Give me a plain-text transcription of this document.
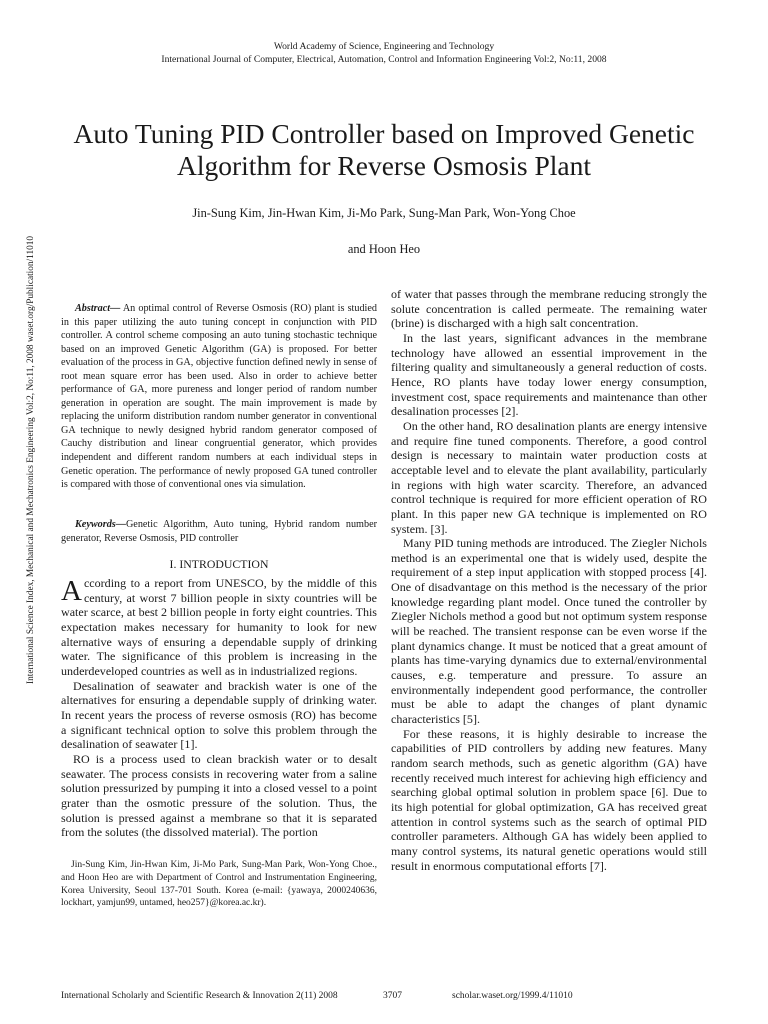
World Academy of Science, Engineering and Technology
International Journal of Computer, Electrical, Automation, Control and Information Engineering Vol:2, No:11, 2008
Auto Tuning PID Controller based on Improved Genetic Algorithm for Reverse Osmosis Plant
Jin-Sung Kim, Jin-Hwan Kim, Ji-Mo Park, Sung-Man Park, Won-Yong Choe
and Hoon Heo
International Science Index, Mechanical and Mechatronics Engineering Vol:2, No:11, 2008 waset.org/Publication/11010	Abstract— An optimal control of Reverse Osmosis (RO) plant is studied in this paper utilizing the auto tuning concept in conjunction with PID controller. A control scheme composing an auto tuning stochastic technique based on an improved Genetic Algorithm (GA) is proposed. For better evaluation of the process in GA, objective function defined newly in sense of root mean square error has been used. Also in order to achieve better performance of GA, more pureness and longer period of random number generation in operation are sought. The main improvement is made by replacing the uniform distribution random number generator in conventional GA technique to newly designed hybrid random generator composed of Cauchy distribution and linear congruential generator, which provides independent and different random numbers at each individual steps in Genetic operation. The performance of newly proposed GA tuned controller is compared with those of conventional ones via simulation.

Keywords—Genetic Algorithm, Auto tuning, Hybrid random number generator, Reverse Osmosis, PID controller

I. INTRODUCTION

According to a report from UNESCO, by the middle of this century, at worst 7 billion people in sixty countries will be water scarce, at best 2 billion people in forty eight countries. This expectation makes necessary for humanity to look for new alternative ways of ensuring a dependable supply of drinking water. The significance of this problem is increasing in the underdeveloped countries as well as in industrialized regions.

Desalination of seawater and brackish water is one of the alternatives for ensuring a dependable supply of drinking water. In recent years the process of reverse osmosis (RO) has become a significant technical option to solve this problem through the desalination of seawater [1].

RO is a process used to clean brackish water or to desalt seawater. The process consists in recovering water from a saline solution pressurized by pumping it into a closed vessel to a point grater than the osmotic pressure of the solution. Thus, the solution is pressed against a membrane so that it is separated from the solutes (the dissolved material). The portion

Jin-Sung Kim, Jin-Hwan Kim, Ji-Mo Park, Sung-Man Park, Won-Yong Choe., and Hoon Heo are with Department of Control and Instrumentation Engineering, Korea University, Seoul 137-701 South. Korea (e-mail: {yawaya, 2000240636, lockhart, yamjun99, untamed, heo257}@korea.ac.kr).

of water that passes through the membrane reducing strongly the solute concentration is called permeate. The remaining water (brine) is discharged with a high salt concentration.

In the last years, significant advances in the membrane technology have allowed an essential improvement in the filtering quality and simultaneously a general reduction of costs. Hence, RO plants have today lower energy consumption, investment cost, space requirements and maintenance than other desalination processes [2].

On the other hand, RO desalination plants are energy intensive and require fine tuned components. Therefore, a good control design is necessary to maintain water production costs at acceptable level and to elevate the plant availability, particularly in regions with high water scarcity. Therefore, an advanced control technique is required for more efficient operation of RO plant. In this paper new GA technique is implemented on RO system. [3].

Many PID tuning methods are introduced. The Ziegler Nichols method is an experimental one that is widely used, despite the requirement of a step input application with stopped process [4]. One of disadvantage on this method is the necessary of the prior knowledge regarding plant model. Once tuned the controller by Ziegler Nichols method a good but not optimum system response will be reached. The transient response can be even worse if the plant dynamics change. It must be noticed that a great amount of plants has time-varying dynamics due to external/environmental causes, e.g. temperature and pressure. To assure an environmentally independent good performance, the controller must be able to adapt the changes of plant dynamic characteristics [5].

For these reasons, it is highly desirable to increase the capabilities of PID controllers by adding new features. Many random search methods, such as genetic algorithm (GA) have recently received much interest for achieving high efficiency and searching global optimal solution in problem space [6]. Due to its high potential for global optimization, GA has received great attention in control systems such as the search of optimal PID controller parameters. Although GA has widely been applied to many control systems, its natural genetic operations would still result in enormous computational efforts [7].

International Scholarly and Scientific Research & Innovation 2(11) 2008	3707	scholar.waset.org/1999.4/11010
